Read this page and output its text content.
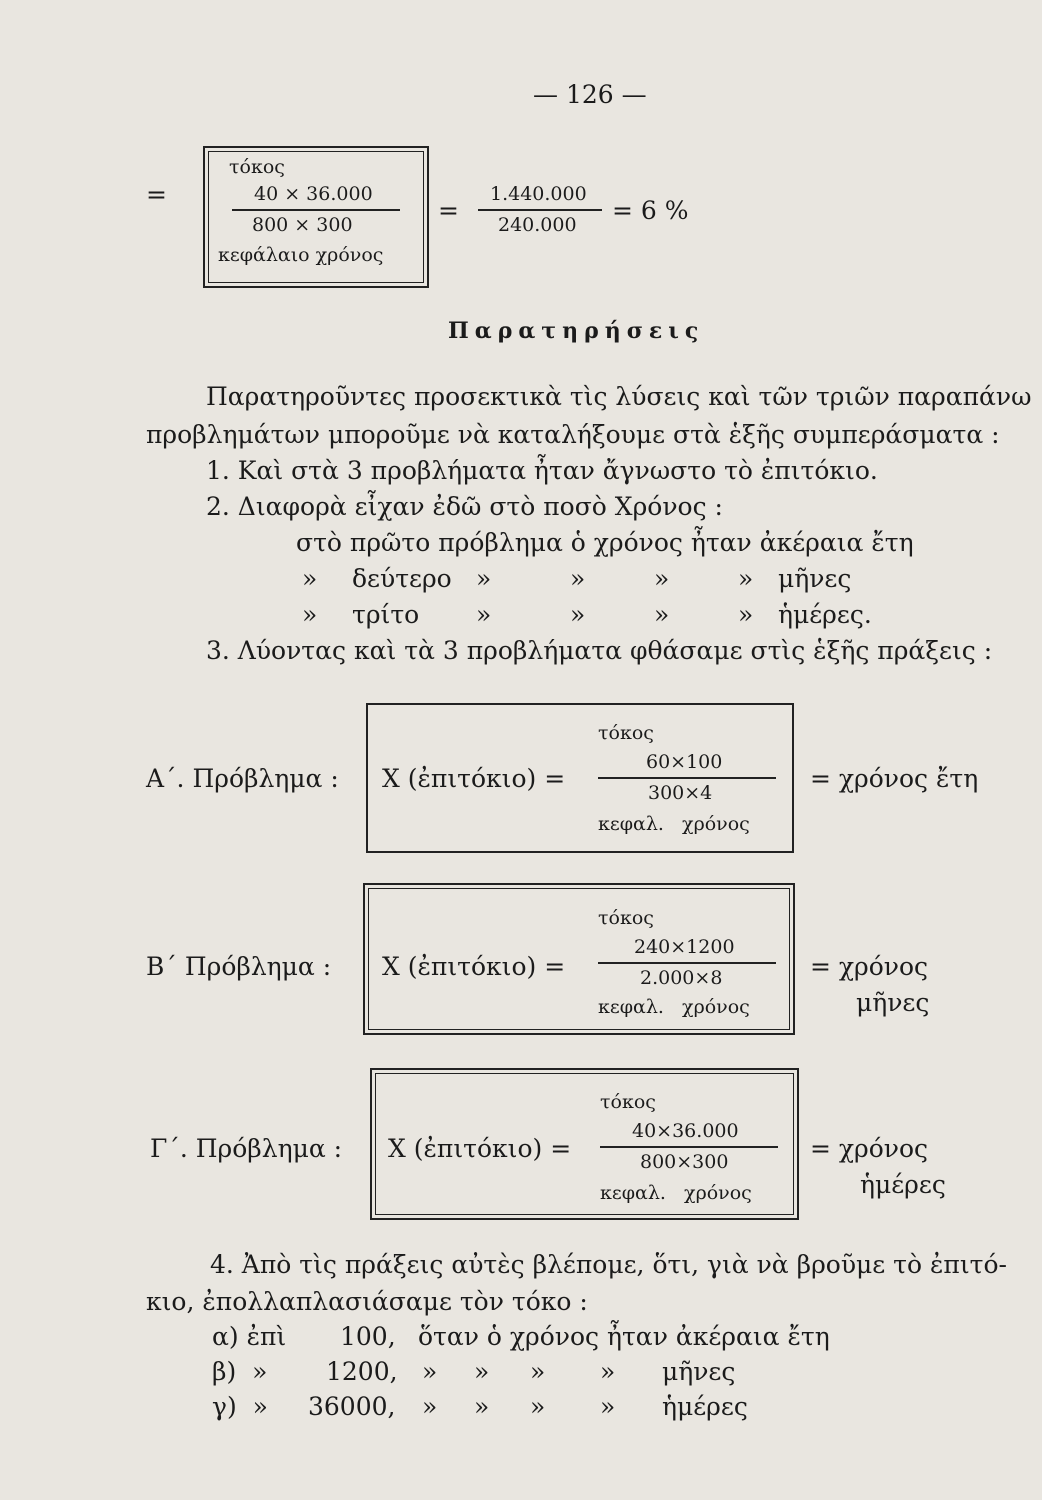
— 126 —
=
τόκος
40 × 36.000
800 × 300
κεφάλαιο χρόνος
=
1.440.000
240.000 = 6 %
Παρατηρήσεις
Παρατηρoῦντες προσεκτικὰ τὶς λύσεις καὶ τῶν τριῶν παραπάνω
προβλημάτων μποροῦμε νὰ καταλήξουμε στὰ ἑξῆς συμπεράσματα :
1. Καὶ στὰ 3 προβλήματα ἦταν ἄγνωστο τὸ ἐπιτόκιο.
2. Διαφορὰ εἶχαν ἐδῶ στὸ ποσὸ Χρόνος :
στὸ πρῶτο πρόβλημα ὁ χρόνος ἦταν ἀκέραια ἔτη
» δεύτερο »	»	»	» μῆνες
» τρίτο »	»	»	» ἡμέρες.
3. Λύοντας καὶ τὰ 3 προβλήματα φθάσαμε στὶς ἑξῆς πράξεις :
Α΄. Πρόβλημα : Χ (ἐπιτόκιο) =
τόκος
60×100
300×4
κεφαλ.   χρόνος
= χρόνος ἔτη
Β΄ Πρόβλημα : Χ (ἐπιτόκιο) =
τόκος
240×1200
2.000×8
κεφαλ.   χρόνος
= χρόνος
μῆνες
Γ΄. Πρόβλημα : Χ (ἐπιτόκιο) =
τόκος
40×36.000
800×300
κεφαλ.   χρόνος
= χρόνος
ἡμέρες
4. Ἀπὸ τὶς πράξεις αὐτὲς βλέπομε, ὅτι, γιὰ νὰ βροῦμε τὸ ἐπιτό-
κιο, ἐπολλαπλασιάσαμε τὸν τόκο :
α) ἐπὶ 100, ὅταν ὁ χρόνος ἦταν ἀκέραια ἔτη
β)  » 1200, » » » » μῆνες
γ)  » 36000, » » » » ἡμέρες
